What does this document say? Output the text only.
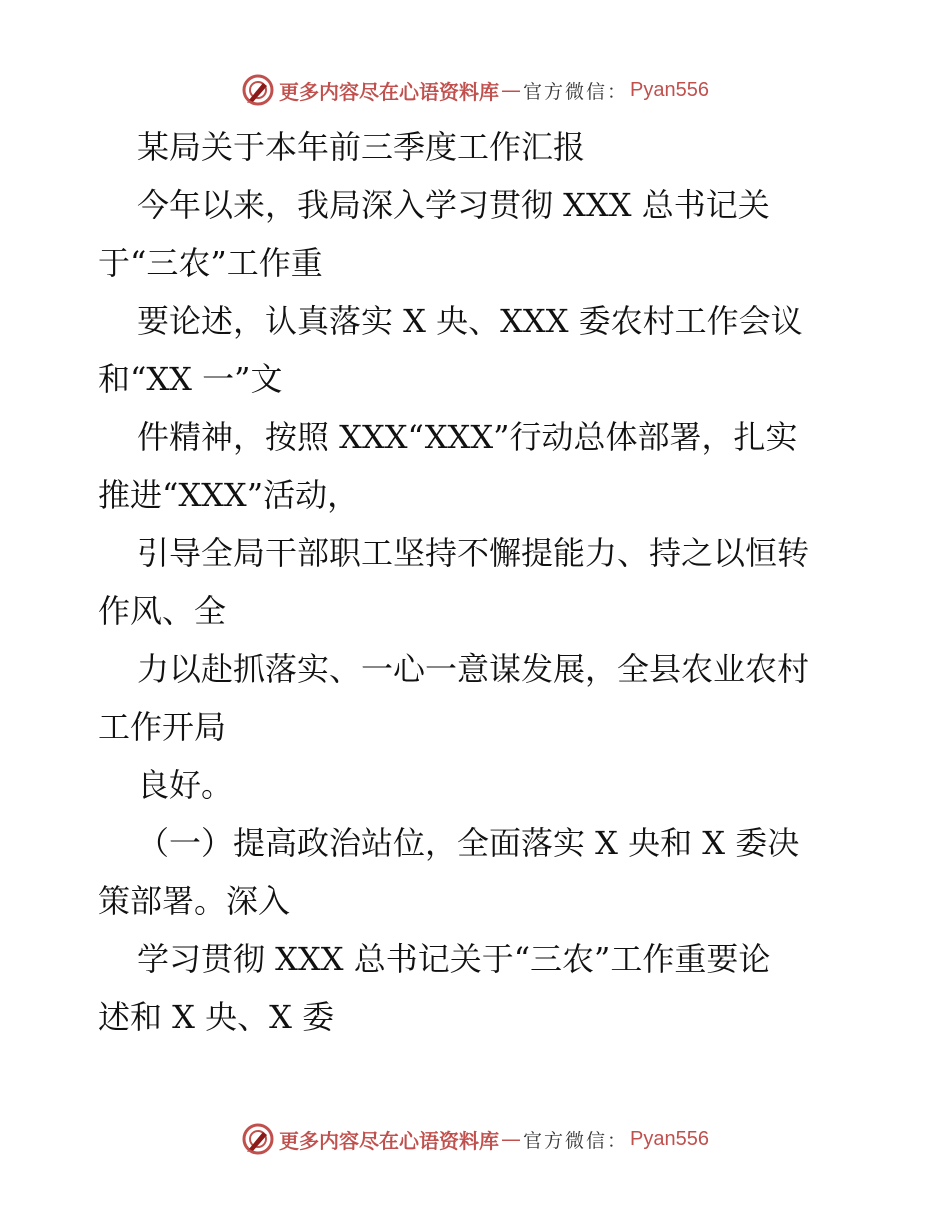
更多内容尽在心语资料库 — 官方微信： Pyan556
某局关于本年前三季度工作汇报
今年以来，我局深入学习贯彻 XXX 总书记关
于“三农”工作重
要论述，认真落实 X 央、XXX 委农村工作会议
和“XX 一”文
件精神，按照 XXX“XXX”行动总体部署，扎实
推进“XXX”活动，
引导全局干部职工坚持不懈提能力、持之以恒转
作风、全
力以赴抓落实、一心一意谋发展，全县农业农村
工作开局
良好。
（一）提高政治站位，全面落实 X 央和 X 委决
策部署。深入
学习贯彻 XXX 总书记关于“三农”工作重要论
述和 X 央、X 委
更多内容尽在心语资料库 — 官方微信： Pyan556
